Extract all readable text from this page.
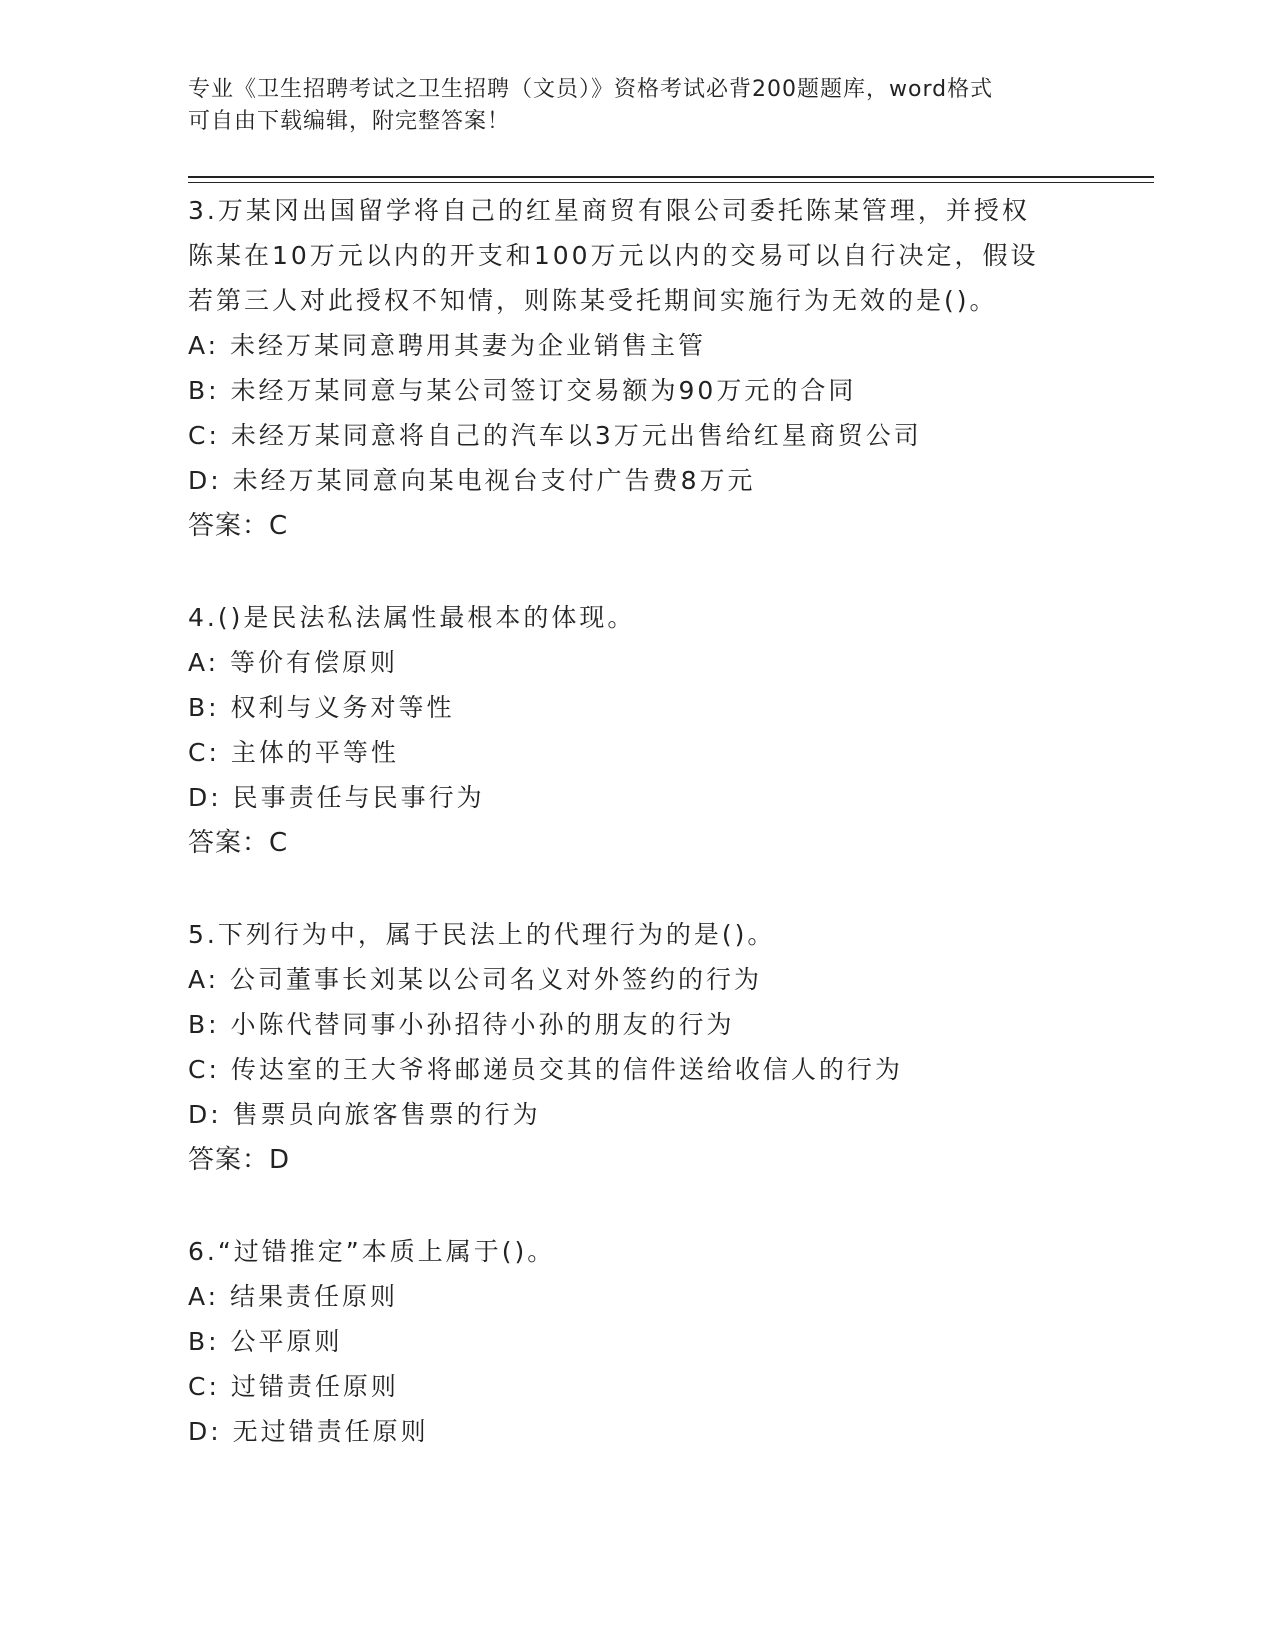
专业《卫生招聘考试之卫生招聘（文员）》资格考试必背200题题库，word格式
可自由下载编辑，附完整答案！
3.万某冈出国留学将自己的红星商贸有限公司委托陈某管理，并授权
陈某在10万元以内的开支和100万元以内的交易可以自行决定，假设
若第三人对此授权不知情，则陈某受托期间实施行为无效的是()。
A: 未经万某同意聘用其妻为企业销售主管
B: 未经万某同意与某公司签订交易额为90万元的合同
C: 未经万某同意将自己的汽车以3万元出售给红星商贸公司
D: 未经万某同意向某电视台支付广告费8万元
答案：C
4.()是民法私法属性最根本的体现。
A: 等价有偿原则
B: 权利与义务对等性
C: 主体的平等性
D: 民事责任与民事行为
答案：C
5.下列行为中，属于民法上的代理行为的是()。
A: 公司董事长刘某以公司名义对外签约的行为
B: 小陈代替同事小孙招待小孙的朋友的行为
C: 传达室的王大爷将邮递员交其的信件送给收信人的行为
D: 售票员向旅客售票的行为
答案：D
6.“过错推定”本质上属于()。
A: 结果责任原则
B: 公平原则
C: 过错责任原则
D: 无过错责任原则
